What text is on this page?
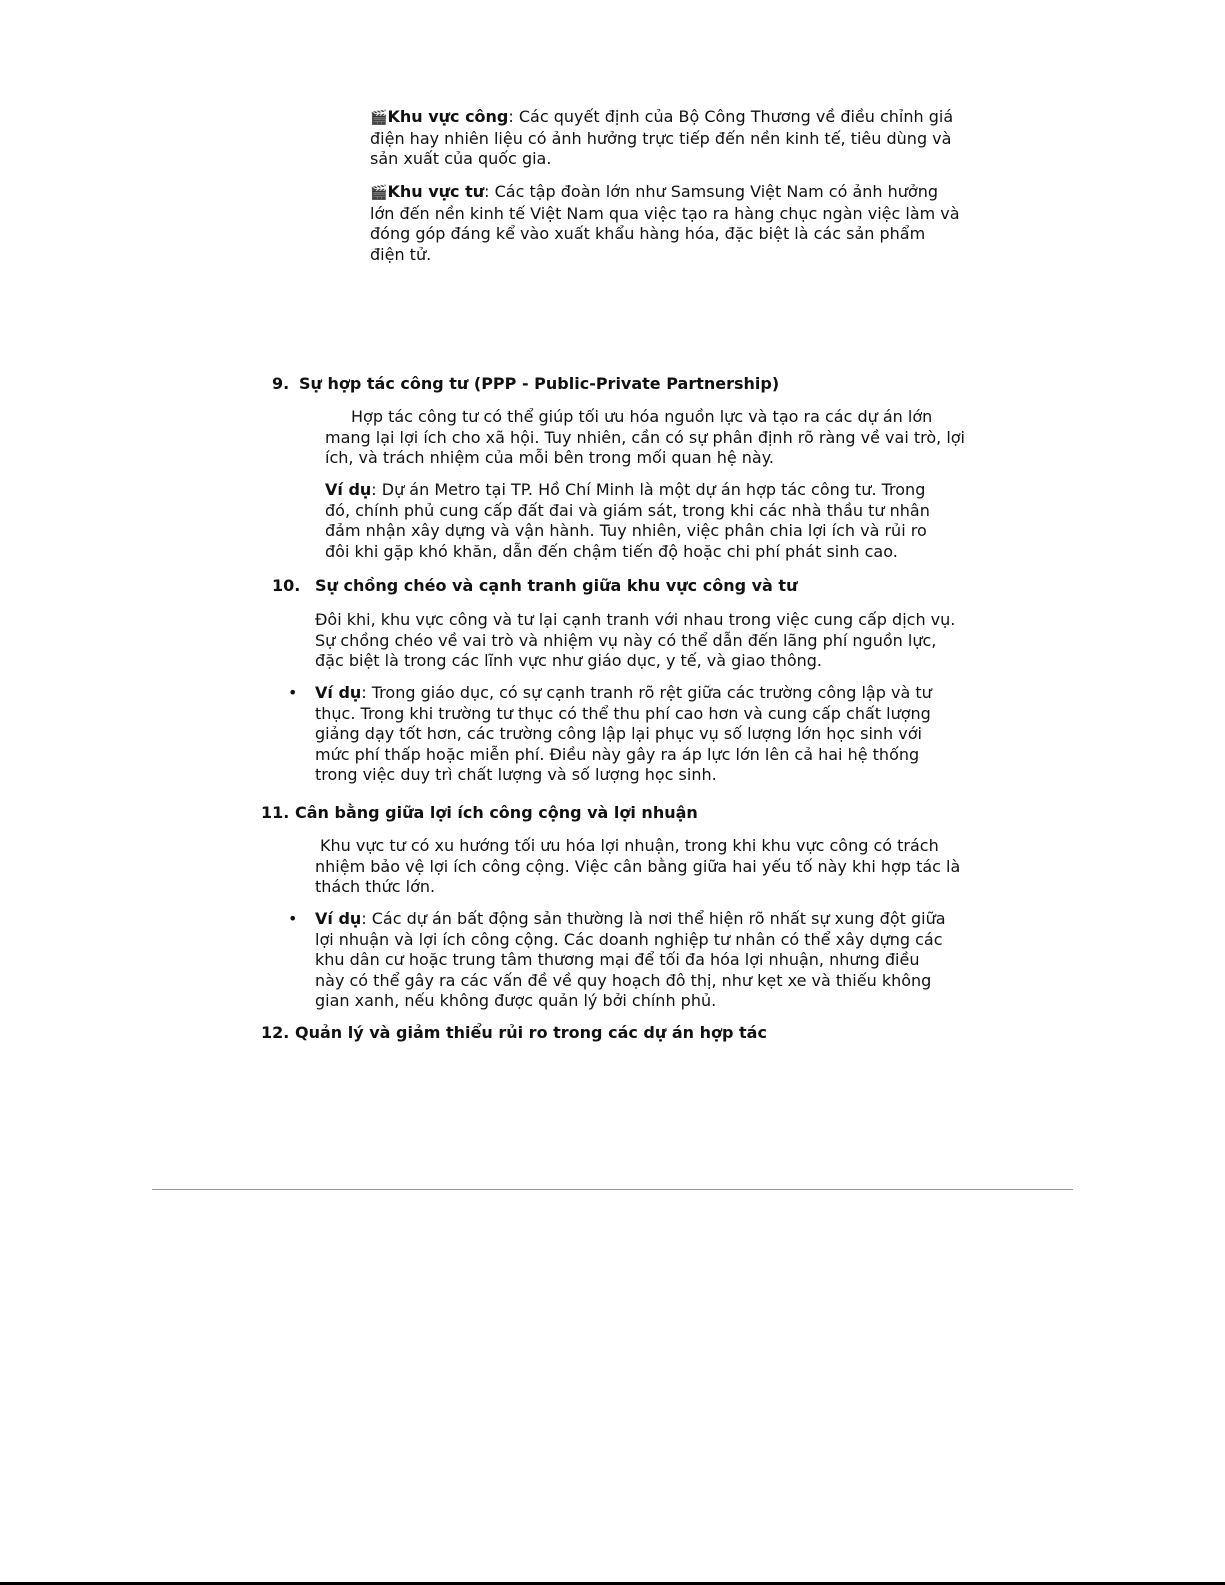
🎬Khu vực công: Các quyết định của Bộ Công Thương về điều chỉnh giá điện hay nhiên liệu có ảnh hưởng trực tiếp đến nền kinh tế, tiêu dùng và sản xuất của quốc gia.

🎬Khu vực tư: Các tập đoàn lớn như Samsung Việt Nam có ảnh hưởng lớn đến nền kinh tế Việt Nam qua việc tạo ra hàng chục ngàn việc làm và đóng góp đáng kể vào xuất khẩu hàng hóa, đặc biệt là các sản phẩm điện tử.

9. Sự hợp tác công tư (PPP - Public-Private Partnership)

Hợp tác công tư có thể giúp tối ưu hóa nguồn lực và tạo ra các dự án lớn mang lại lợi ích cho xã hội. Tuy nhiên, cần có sự phân định rõ ràng về vai trò, lợi ích, và trách nhiệm của mỗi bên trong mối quan hệ này.

Ví dụ: Dự án Metro tại TP. Hồ Chí Minh là một dự án hợp tác công tư. Trong đó, chính phủ cung cấp đất đai và giám sát, trong khi các nhà thầu tư nhân đảm nhận xây dựng và vận hành. Tuy nhiên, việc phân chia lợi ích và rủi ro đôi khi gặp khó khăn, dẫn đến chậm tiến độ hoặc chi phí phát sinh cao.

10. Sự chồng chéo và cạnh tranh giữa khu vực công và tư

Đôi khi, khu vực công và tư lại cạnh tranh với nhau trong việc cung cấp dịch vụ. Sự chồng chéo về vai trò và nhiệm vụ này có thể dẫn đến lãng phí nguồn lực, đặc biệt là trong các lĩnh vực như giáo dục, y tế, và giao thông.

• Ví dụ: Trong giáo dục, có sự cạnh tranh rõ rệt giữa các trường công lập và tư thục. Trong khi trường tư thục có thể thu phí cao hơn và cung cấp chất lượng giảng dạy tốt hơn, các trường công lập lại phục vụ số lượng lớn học sinh với mức phí thấp hoặc miễn phí. Điều này gây ra áp lực lớn lên cả hai hệ thống trong việc duy trì chất lượng và số lượng học sinh.

11. Cân bằng giữa lợi ích công cộng và lợi nhuận

Khu vực tư có xu hướng tối ưu hóa lợi nhuận, trong khi khu vực công có trách nhiệm bảo vệ lợi ích công cộng. Việc cân bằng giữa hai yếu tố này khi hợp tác là thách thức lớn.

• Ví dụ: Các dự án bất động sản thường là nơi thể hiện rõ nhất sự xung đột giữa lợi nhuận và lợi ích công cộng. Các doanh nghiệp tư nhân có thể xây dựng các khu dân cư hoặc trung tâm thương mại để tối đa hóa lợi nhuận, nhưng điều này có thể gây ra các vấn đề về quy hoạch đô thị, như kẹt xe và thiếu không gian xanh, nếu không được quản lý bởi chính phủ.

12. Quản lý và giảm thiểu rủi ro trong các dự án hợp tác
